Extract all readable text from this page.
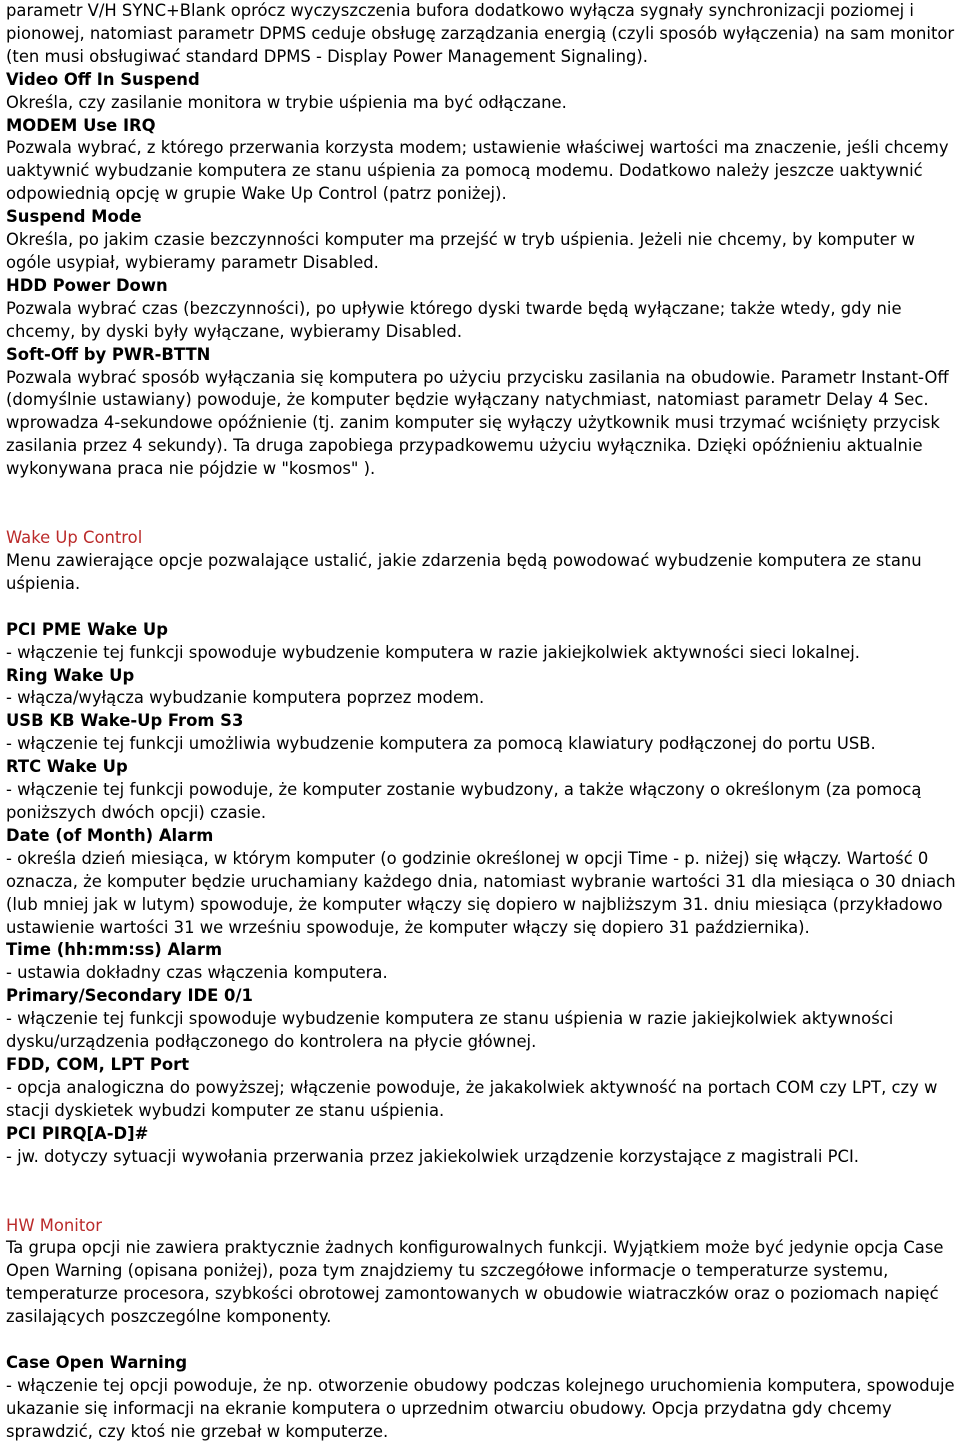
parametr V/H SYNC+Blank oprócz wyczyszczenia bufora dodatkowo wyłącza sygnały synchronizacji poziomej i pionowej, natomiast parametr DPMS ceduje obsługę zarządzania energią (czyli sposób wyłączenia) na sam monitor (ten musi obsługiwać standard DPMS - Display Power Management Signaling).

Video Off In Suspend

Określa, czy zasilanie monitora w trybie uśpienia ma być odłączane.

MODEM Use IRQ

Pozwala wybrać, z którego przerwania korzysta modem; ustawienie właściwej wartości ma znaczenie, jeśli chcemy uaktywnić wybudzanie komputera ze stanu uśpienia za pomocą modemu. Dodatkowo należy jeszcze uaktywnić odpowiednią opcję w grupie Wake Up Control (patrz poniżej).

Suspend Mode

Określa, po jakim czasie bezczynności komputer ma przejść w tryb uśpienia. Jeżeli nie chcemy, by komputer w ogóle usypiał, wybieramy parametr Disabled.

HDD Power Down

Pozwala wybrać czas (bezczynności), po upływie którego dyski twarde będą wyłączane; także wtedy, gdy nie chcemy, by dyski były wyłączane, wybieramy Disabled.

Soft-Off by PWR-BTTN

Pozwala wybrać sposób wyłączania się komputera po użyciu przycisku zasilania na obudowie. Parametr Instant-Off (domyślnie ustawiany) powoduje, że komputer będzie wyłączany natychmiast, natomiast parametr Delay 4 Sec. wprowadza 4-sekundowe opóźnienie (tj. zanim komputer się wyłączy użytkownik musi trzymać wciśnięty przycisk zasilania przez 4 sekundy). Ta druga zapobiega przypadkowemu użyciu wyłącznika. Dzięki opóźnieniu aktualnie wykonywana praca nie pójdzie w "kosmos" ).

Wake Up Control

Menu zawierające opcje pozwalające ustalić, jakie zdarzenia będą powodować wybudzenie komputera ze stanu uśpienia.

PCI PME Wake Up

- włączenie tej funkcji spowoduje wybudzenie komputera w razie jakiejkolwiek aktywności sieci lokalnej.

Ring Wake Up

- włącza/wyłącza wybudzanie komputera poprzez modem.

USB KB Wake-Up From S3

- włączenie tej funkcji umożliwia wybudzenie komputera za pomocą klawiatury podłączonej do portu USB.

RTC Wake Up

- włączenie tej funkcji powoduje, że komputer zostanie wybudzony, a także włączony o określonym (za pomocą poniższych dwóch opcji) czasie.

Date (of Month) Alarm

- określa dzień miesiąca, w którym komputer (o godzinie określonej w opcji Time - p. niżej) się włączy. Wartość 0 oznacza, że komputer będzie uruchamiany każdego dnia, natomiast wybranie wartości 31 dla miesiąca o 30 dniach (lub mniej jak w lutym) spowoduje, że komputer włączy się dopiero w najbliższym 31. dniu miesiąca (przykładowo ustawienie wartości 31 we wrześniu spowoduje, że komputer włączy się dopiero 31 października).

Time (hh:mm:ss) Alarm

- ustawia dokładny czas włączenia komputera.

Primary/Secondary IDE 0/1

- włączenie tej funkcji spowoduje wybudzenie komputera ze stanu uśpienia w razie jakiejkolwiek aktywności dysku/urządzenia podłączonego do kontrolera na płycie głównej.

FDD, COM, LPT Port

- opcja analogiczna do powyższej; włączenie powoduje, że jakakolwiek aktywność na portach COM czy LPT, czy w stacji dyskietek wybudzi komputer ze stanu uśpienia.

PCI PIRQ[A-D]#

- jw. dotyczy sytuacji wywołania przerwania przez jakiekolwiek urządzenie korzystające z magistrali PCI.

HW Monitor

Ta grupa opcji nie zawiera praktycznie żadnych konfigurowalnych funkcji. Wyjątkiem może być jedynie opcja Case Open Warning (opisana poniżej), poza tym znajdziemy tu szczegółowe informacje o temperaturze systemu, temperaturze procesora, szybkości obrotowej zamontowanych w obudowie wiatraczków oraz o poziomach napięć zasilających poszczególne komponenty.

Case Open Warning

- włączenie tej opcji powoduje, że np. otworzenie obudowy podczas kolejnego uruchomienia komputera, spowoduje ukazanie się informacji na ekranie komputera o uprzednim otwarciu obudowy. Opcja przydatna gdy chcemy sprawdzić, czy ktoś nie grzebał w komputerze.
